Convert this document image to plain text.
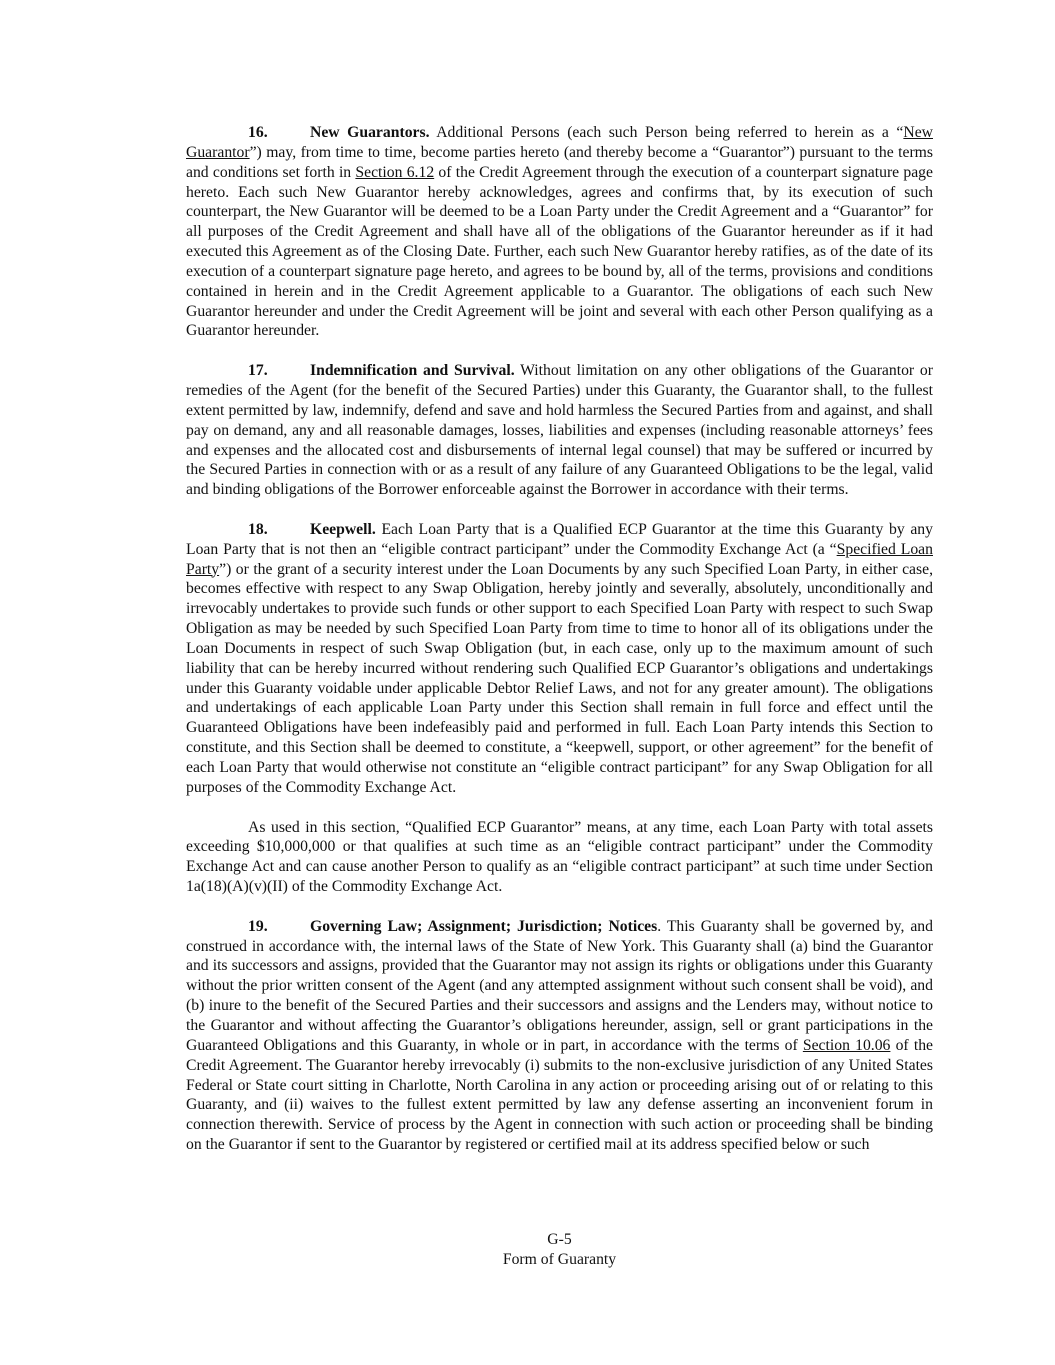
16.	New Guarantors. Additional Persons (each such Person being referred to herein as a “New Guarantor”) may, from time to time, become parties hereto (and thereby become a “Guarantor”) pursuant to the terms and conditions set forth in Section 6.12 of the Credit Agreement through the execution of a counterpart signature page hereto. Each such New Guarantor hereby acknowledges, agrees and confirms that, by its execution of such counterpart, the New Guarantor will be deemed to be a Loan Party under the Credit Agreement and a “Guarantor” for all purposes of the Credit Agreement and shall have all of the obligations of the Guarantor hereunder as if it had executed this Agreement as of the Closing Date. Further, each such New Guarantor hereby ratifies, as of the date of its execution of a counterpart signature page hereto, and agrees to be bound by, all of the terms, provisions and conditions contained in herein and in the Credit Agreement applicable to a Guarantor. The obligations of each such New Guarantor hereunder and under the Credit Agreement will be joint and several with each other Person qualifying as a Guarantor hereunder.

17.	Indemnification and Survival. Without limitation on any other obligations of the Guarantor or remedies of the Agent (for the benefit of the Secured Parties) under this Guaranty, the Guarantor shall, to the fullest extent permitted by law, indemnify, defend and save and hold harmless the Secured Parties from and against, and shall pay on demand, any and all reasonable damages, losses, liabilities and expenses (including reasonable attorneys’ fees and expenses and the allocated cost and disbursements of internal legal counsel) that may be suffered or incurred by the Secured Parties in connection with or as a result of any failure of any Guaranteed Obligations to be the legal, valid and binding obligations of the Borrower enforceable against the Borrower in accordance with their terms.

18.	Keepwell. Each Loan Party that is a Qualified ECP Guarantor at the time this Guaranty by any Loan Party that is not then an “eligible contract participant” under the Commodity Exchange Act (a “Specified Loan Party”) or the grant of a security interest under the Loan Documents by any such Specified Loan Party, in either case, becomes effective with respect to any Swap Obligation, hereby jointly and severally, absolutely, unconditionally and irrevocably undertakes to provide such funds or other support to each Specified Loan Party with respect to such Swap Obligation as may be needed by such Specified Loan Party from time to time to honor all of its obligations under the Loan Documents in respect of such Swap Obligation (but, in each case, only up to the maximum amount of such liability that can be hereby incurred without rendering such Qualified ECP Guarantor’s obligations and undertakings under this Guaranty voidable under applicable Debtor Relief Laws, and not for any greater amount). The obligations and undertakings of each applicable Loan Party under this Section shall remain in full force and effect until the Guaranteed Obligations have been indefeasibly paid and performed in full. Each Loan Party intends this Section to constitute, and this Section shall be deemed to constitute, a “keepwell, support, or other agreement” for the benefit of each Loan Party that would otherwise not constitute an “eligible contract participant” for any Swap Obligation for all purposes of the Commodity Exchange Act.

As used in this section, “Qualified ECP Guarantor” means, at any time, each Loan Party with total assets exceeding $10,000,000 or that qualifies at such time as an “eligible contract participant” under the Commodity Exchange Act and can cause another Person to qualify as an “eligible contract participant” at such time under Section 1a(18)(A)(v)(II) of the Commodity Exchange Act.

19.	Governing Law; Assignment; Jurisdiction; Notices. This Guaranty shall be governed by, and construed in accordance with, the internal laws of the State of New York. This Guaranty shall (a) bind the Guarantor and its successors and assigns, provided that the Guarantor may not assign its rights or obligations under this Guaranty without the prior written consent of the Agent (and any attempted assignment without such consent shall be void), and (b) inure to the benefit of the Secured Parties and their successors and assigns and the Lenders may, without notice to the Guarantor and without affecting the Guarantor’s obligations hereunder, assign, sell or grant participations in the Guaranteed Obligations and this Guaranty, in whole or in part, in accordance with the terms of Section 10.06 of the Credit Agreement. The Guarantor hereby irrevocably (i) submits to the non-exclusive jurisdiction of any United States Federal or State court sitting in Charlotte, North Carolina in any action or proceeding arising out of or relating to this Guaranty, and (ii) waives to the fullest extent permitted by law any defense asserting an inconvenient forum in connection therewith. Service of process by the Agent in connection with such action or proceeding shall be binding on the Guarantor if sent to the Guarantor by registered or certified mail at its address specified below or such

G-5
Form of Guaranty
